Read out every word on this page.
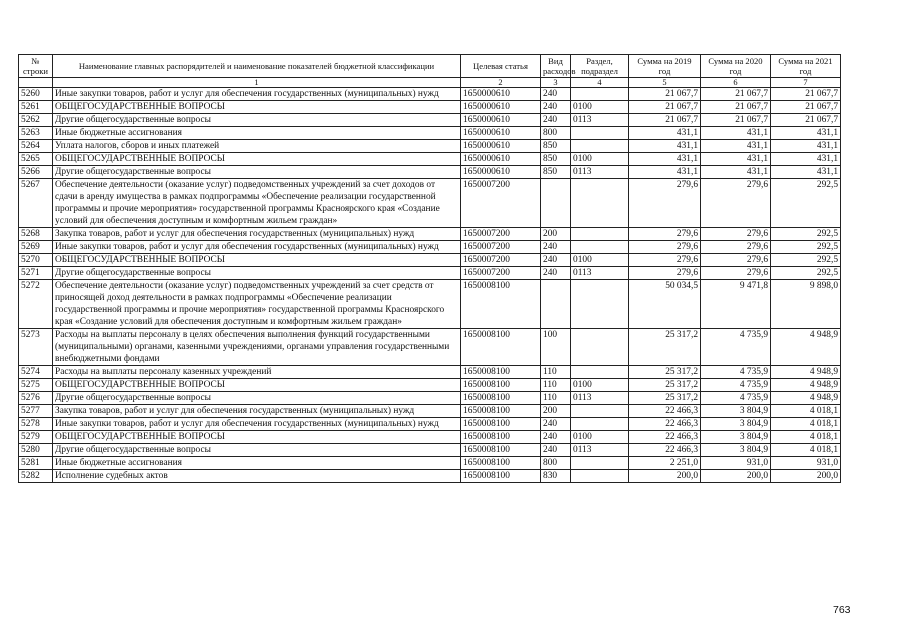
№ строки	Наименование главных распорядителей и наименование показателей бюджетной классификации	Целевая статья	Вид расходов	Раздел, подраздел	Сумма на 2019 год	Сумма на 2020 год	Сумма на 2021 год
	1	2	3	4	5	6	7
5260	Иные закупки товаров, работ и услуг для обеспечения государственных (муниципальных) нужд	1650000610	240		21 067,7	21 067,7	21 067,7
5261	ОБЩЕГОСУДАРСТВЕННЫЕ ВОПРОСЫ	1650000610	240	0100	21 067,7	21 067,7	21 067,7
5262	Другие общегосударственные вопросы	1650000610	240	0113	21 067,7	21 067,7	21 067,7
5263	Иные бюджетные ассигнования	1650000610	800		431,1	431,1	431,1
5264	Уплата налогов, сборов и иных платежей	1650000610	850		431,1	431,1	431,1
5265	ОБЩЕГОСУДАРСТВЕННЫЕ ВОПРОСЫ	1650000610	850	0100	431,1	431,1	431,1
5266	Другие общегосударственные вопросы	1650000610	850	0113	431,1	431,1	431,1
5267	Обеспечение деятельности (оказание услуг) подведомственных учреждений за счет доходов от сдачи в аренду имущества в рамках подпрограммы «Обеспечение реализации государственной программы и прочие мероприятия» государственной программы Красноярского края «Создание условий для обеспечения доступным и комфортным жильем граждан»	1650007200			279,6	279,6	292,5
5268	Закупка товаров, работ и услуг для обеспечения государственных (муниципальных) нужд	1650007200	200		279,6	279,6	292,5
5269	Иные закупки товаров, работ и услуг для обеспечения государственных (муниципальных) нужд	1650007200	240		279,6	279,6	292,5
5270	ОБЩЕГОСУДАРСТВЕННЫЕ ВОПРОСЫ	1650007200	240	0100	279,6	279,6	292,5
5271	Другие общегосударственные вопросы	1650007200	240	0113	279,6	279,6	292,5
5272	Обеспечение деятельности (оказание услуг) подведомственных учреждений за счет средств от приносящей доход деятельности в рамках подпрограммы «Обеспечение реализации государственной программы и прочие мероприятия» государственной программы Красноярского края «Создание условий для обеспечения доступным и комфортным жильем граждан»	1650008100			50 034,5	9 471,8	9 898,0
5273	Расходы на выплаты персоналу в целях обеспечения выполнения функций государственными (муниципальными) органами, казенными учреждениями, органами управления государственными внебюджетными фондами	1650008100	100		25 317,2	4 735,9	4 948,9
5274	Расходы на выплаты персоналу казенных учреждений	1650008100	110		25 317,2	4 735,9	4 948,9
5275	ОБЩЕГОСУДАРСТВЕННЫЕ ВОПРОСЫ	1650008100	110	0100	25 317,2	4 735,9	4 948,9
5276	Другие общегосударственные вопросы	1650008100	110	0113	25 317,2	4 735,9	4 948,9
5277	Закупка товаров, работ и услуг для обеспечения государственных (муниципальных) нужд	1650008100	200		22 466,3	3 804,9	4 018,1
5278	Иные закупки товаров, работ и услуг для обеспечения государственных (муниципальных) нужд	1650008100	240		22 466,3	3 804,9	4 018,1
5279	ОБЩЕГОСУДАРСТВЕННЫЕ ВОПРОСЫ	1650008100	240	0100	22 466,3	3 804,9	4 018,1
5280	Другие общегосударственные вопросы	1650008100	240	0113	22 466,3	3 804,9	4 018,1
5281	Иные бюджетные ассигнования	1650008100	800		2 251,0	931,0	931,0
5282	Исполнение судебных актов	1650008100	830		200,0	200,0	200,0
763
